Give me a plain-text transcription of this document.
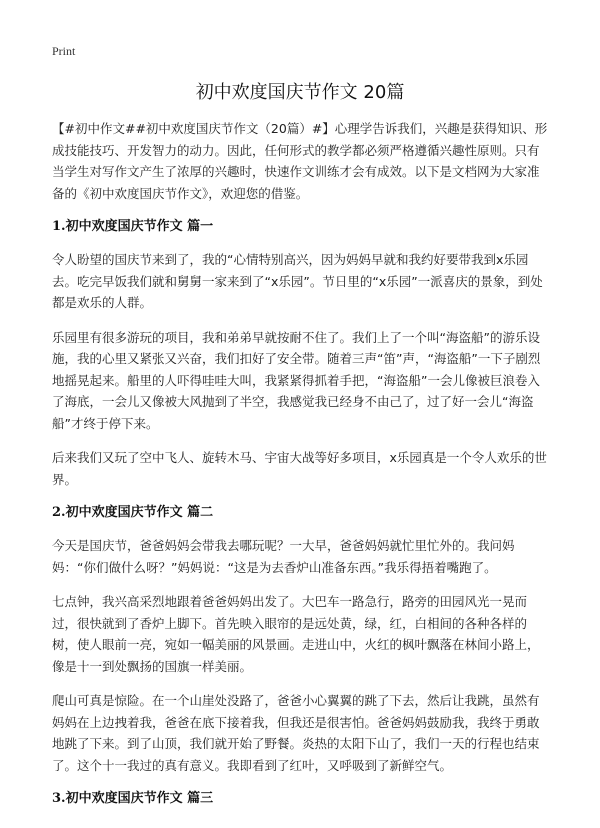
Print
初中欢度国庆节作文 20篇

【#初中作文##初中欢度国庆节作文（20篇）#】心理学告诉我们，兴趣是获得知识、形成技能技巧、开发智力的动力。因此，任何形式的教学都必须严格遵循兴趣性原则。只有当学生对写作文产生了浓厚的兴趣时，快速作文训练才会有成效。以下是文档网为大家准备的《初中欢度国庆节作文》，欢迎您的借鉴。

1.初中欢度国庆节作文 篇一

令人盼望的国庆节来到了，我的“心情特别高兴，因为妈妈早就和我约好要带我到x乐园去。吃完早饭我们就和舅舅一家来到了“x乐园”。节日里的“x乐园”一派喜庆的景象，到处都是欢乐的人群。

乐园里有很多游玩的项目，我和弟弟早就按耐不住了。我们上了一个叫“海盗船”的游乐设施，我的心里又紧张又兴奋，我们扣好了安全带。随着三声“笛”声，“海盗船”一下子剧烈地摇晃起来。船里的人吓得哇哇大叫，我紧紧得抓着手把，“海盗船”一会儿像被巨浪卷入了海底，一会儿又像被大风抛到了半空，我感觉我已经身不由己了，过了好一会儿“海盗船”才终于停下来。

后来我们又玩了空中飞人、旋转木马、宇宙大战等好多项目，x乐园真是一个令人欢乐的世界。

2.初中欢度国庆节作文 篇二

今天是国庆节，爸爸妈妈会带我去哪玩呢？一大早，爸爸妈妈就忙里忙外的。我问妈妈：“你们做什么呀？”妈妈说：“这是为去香炉山准备东西。”我乐得捂着嘴跑了。

七点钟，我兴高采烈地跟着爸爸妈妈出发了。大巴车一路急行，路旁的田园风光一晃而过，很快就到了香炉上脚下。首先映入眼帘的是远处黄，绿，红，白相间的各种各样的树，使人眼前一亮，宛如一幅美丽的风景画。走进山中，火红的枫叶飘落在林间小路上，像是十一到处飘扬的国旗一样美丽。

爬山可真是惊险。在一个山崖处没路了，爸爸小心翼翼的跳了下去，然后让我跳，虽然有妈妈在上边拽着我，爸爸在底下接着我，但我还是很害怕。爸爸妈妈鼓励我，我终于勇敢地跳了下来。到了山顶，我们就开始了野餐。炎热的太阳下山了，我们一天的行程也结束了。这个十一我过的真有意义。我即看到了红叶，又呼吸到了新鲜空气。

3.初中欢度国庆节作文 篇三
